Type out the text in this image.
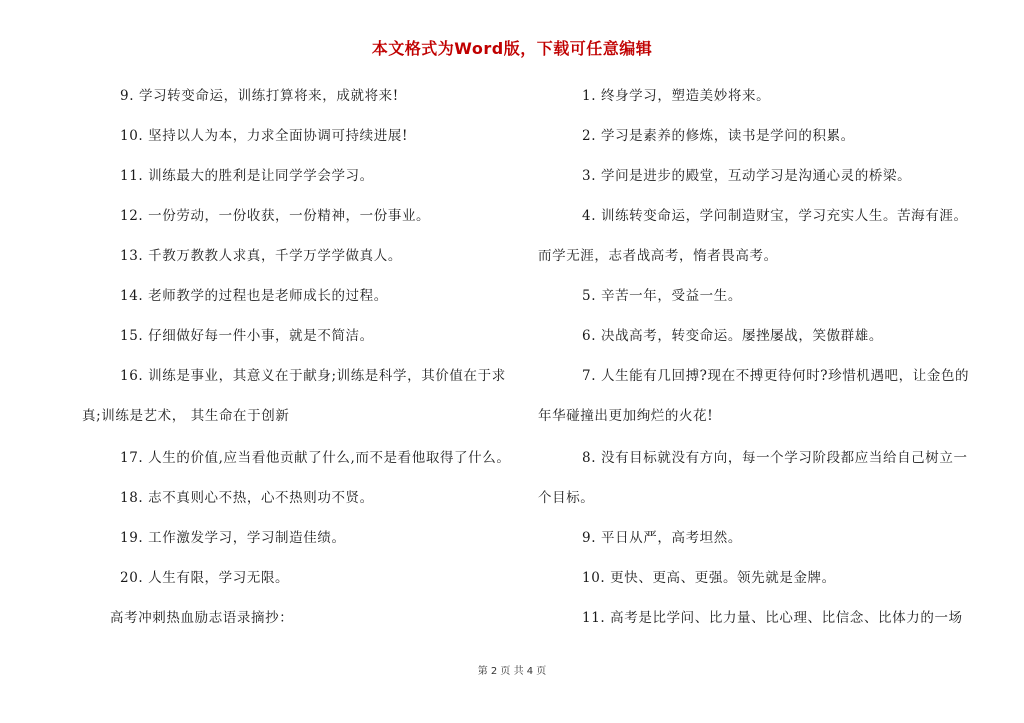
本文格式为Word版，下载可任意编辑
9. 学习转变命运，训练打算将来，成就将来!
10. 坚持以人为本，力求全面协调可持续进展!
11. 训练最大的胜利是让同学学会学习。
12. 一份劳动，一份收获，一份精神，一份事业。
13. 千教万教教人求真，千学万学学做真人。
14. 老师教学的过程也是老师成长的过程。
15. 仔细做好每一件小事，就是不简洁。
16. 训练是事业，其意义在于献身;训练是科学，其价值在于求
真;训练是艺术， 其生命在于创新
17. 人生的价值,应当看他贡献了什么,而不是看他取得了什么。
18. 志不真则心不热，心不热则功不贤。
19. 工作激发学习，学习制造佳绩。
20. 人生有限，学习无限。
高考冲刺热血励志语录摘抄：
1. 终身学习，塑造美妙将来。
2. 学习是素养的修炼，读书是学问的积累。
3. 学问是进步的殿堂，互动学习是沟通心灵的桥梁。
4. 训练转变命运，学问制造财宝，学习充实人生。苦海有涯。
而学无涯，志者战高考，惰者畏高考。
5. 辛苦一年，受益一生。
6. 决战高考，转变命运。屡挫屡战，笑傲群雄。
7. 人生能有几回搏?现在不搏更待何时?珍惜机遇吧，让金色的
年华碰撞出更加绚烂的火花!
8. 没有目标就没有方向，每一个学习阶段都应当给自己树立一
个目标。
9. 平日从严，高考坦然。
10. 更快、更高、更强。领先就是金牌。
11. 高考是比学问、比力量、比心理、比信念、比体力的一场
第 2 页 共 4 页
